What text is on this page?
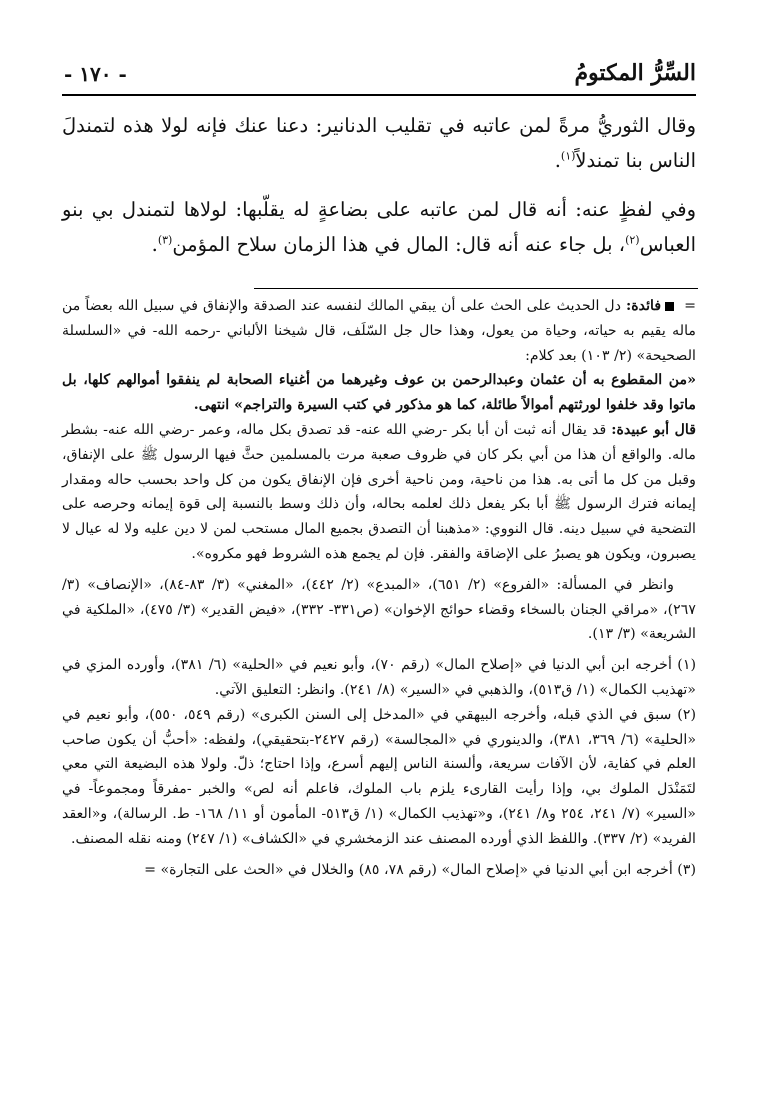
السِّرُّ المكتومُ
- ١٧٠ -

وقال الثوريُّ مرةً لمن عاتبه في تقليب الدنانير: دعنا عنك فإنه لولا هذه لتمندلَ الناس بنا تمندلاً$^{(١)}$.

وفي لفظٍ عنه: أنه قال لمن عاتبه على بضاعةٍ له يقلّبها: لولاها لتمندل بي بنو العباس$^{(٢)}$، بل جاء عنه أنه قال: المال في هذا الزمان سلاح المؤمن$^{(٣)}$.

=  فائدة: دل الحديث على الحث على أن يبقي المالك لنفسه عند الصدقة والإنفاق في سبيل الله بعضاً من ماله يقيم به حياته، وحياة من يعول، وهذا حال جل السّلَف، قال شيخنا الألباني -رحمه الله- في «السلسلة الصحيحة» (٢/ ١٠٣) بعد كلام:

«من المقطوع به أن عثمان وعبدالرحمن بن عوف وغيرهما من أغنياء الصحابة لم ينفقوا أموالهم كلها، بل ماتوا وقد خلفوا لورثتهم أموالاً طائلة، كما هو مذكور في كتب السيرة والتراجم» انتهى.

قال أبو عبيدة: قد يقال أنه ثبت أن أبا بكر -رضي الله عنه- قد تصدق بكل ماله، وعمر -رضي الله عنه- بشطر ماله. والواقع أن هذا من أبي بكر كان في ظروف صعبة مرت بالمسلمين حثَّ فيها الرسول ﷺ على الإنفاق، وقبل من كل ما أتى به. هذا من ناحية، ومن ناحية أخرى فإن الإنفاق يكون من كل واحد بحسب حاله ومقدار إيمانه فترك الرسول ﷺ أبا بكر يفعل ذلك لعلمه بحاله، وأن ذلك وسط بالنسبة إلى قوة إيمانه وحرصه على التضحية في سبيل دينه. قال النووي: «مذهبنا أن التصدق بجميع المال مستحب لمن لا دين عليه ولا له عيال لا يصبرون، ويكون هو يصبرُ على الإضاقة والفقر. فإن لم يجمع هذه الشروط فهو مكروه».

وانظر في المسألة: «الفروع» (٢/ ٦٥١)، «المبدع» (٢/ ٤٤٢)، «المغني» (٣/ ٨٣-٨٤)، «الإنصاف» (٣/ ٢٦٧)، «مراقي الجنان بالسخاء وقضاء حوائج الإخوان» (ص٣٣١- ٣٣٢)، «فيض القدير» (٣/ ٤٧٥)، «الملكية في الشريعة» (٣/ ١٣).

(١) أخرجه ابن أبي الدنيا في «إصلاح المال» (رقم ٧٠)، وأبو نعيم في «الحلية» (٦/ ٣٨١)، وأورده المزي في «تهذيب الكمال» (١/ ق٥١٣)، والذهبي في «السير» (٨/ ٢٤١). وانظر: التعليق الآتي.

(٢) سبق في الذي قبله، وأخرجه البيهقي في «المدخل إلى السنن الكبرى» (رقم ٥٤٩، ٥٥٠)، وأبو نعيم في «الحلية» (٦/ ٣٦٩، ٣٨١)، والدينوري في «المجالسة» (رقم ٢٤٢٧-بتحقيقي)، ولفظه: «أحبُّ أن يكون صاحب العلم في كفاية، لأن الآفات سريعة، وألسنة الناس إليهم أسرع، وإذا احتاج؛ ذلّ. ولولا هذه البضيعة التي معي لتَمَنْدَل الملوك بي، وإذا رأيت القارىء يلزم باب الملوك، فاعلم أنه لص» والخبر -مفرقاً ومجموعاً- في «السير» (٧/ ٢٤١، ٢٥٤ و٨/ ٢٤١)، و«تهذيب الكمال» (١/ ق٥١٣- المأمون أو ١١/ ١٦٨- ط. الرسالة)، و«العقد الفريد» (٢/ ٣٣٧). واللفظ الذي أورده المصنف عند الزمخشري في «الكشاف» (١/ ٢٤٧) ومنه نقله المصنف.

(٣) أخرجه ابن أبي الدنيا في «إصلاح المال» (رقم ٧٨، ٨٥) والخلال في «الحث على التجارة» =
